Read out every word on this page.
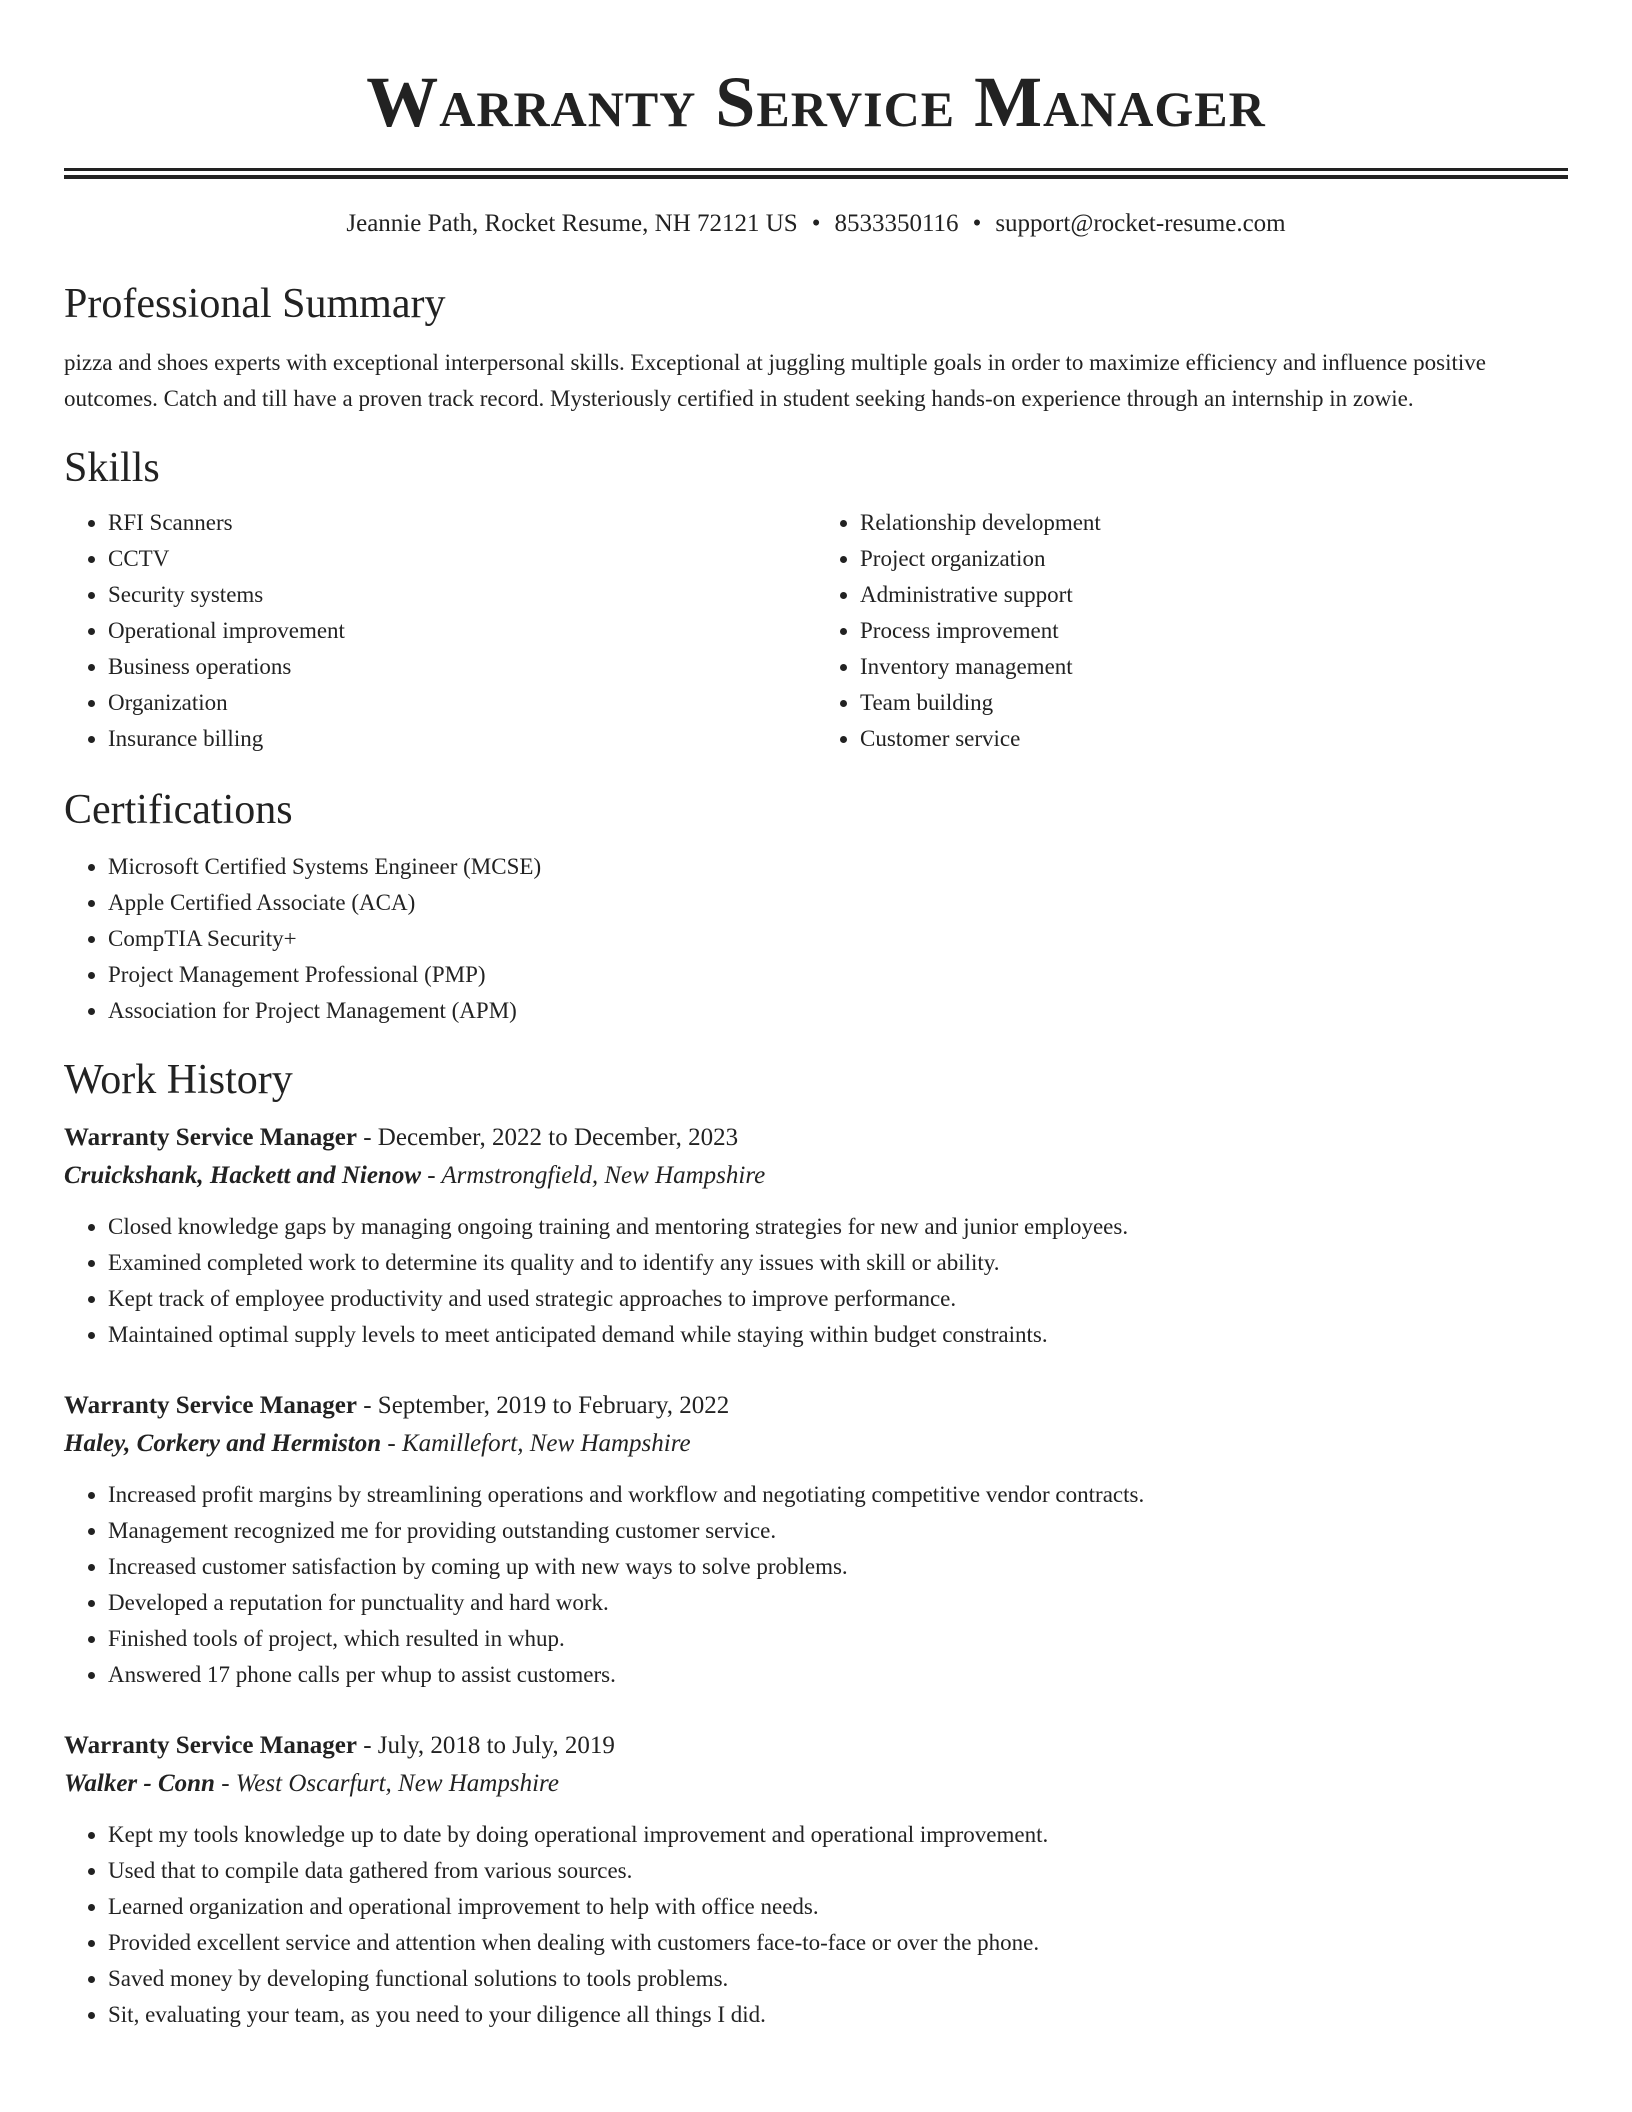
Warranty Service Manager
Jeannie Path, Rocket Resume, NH 72121 US • 8533350116 • support@rocket-resume.com
Professional Summary
pizza and shoes experts with exceptional interpersonal skills. Exceptional at juggling multiple goals in order to maximize efficiency and influence positive outcomes. Catch and till have a proven track record. Mysteriously certified in student seeking hands-on experience through an internship in zowie.
Skills
• RFI Scanners
• CCTV
• Security systems
• Operational improvement
• Business operations
• Organization
• Insurance billing
• Relationship development
• Project organization
• Administrative support
• Process improvement
• Inventory management
• Team building
• Customer service
Certifications
• Microsoft Certified Systems Engineer (MCSE)
• Apple Certified Associate (ACA)
• CompTIA Security+
• Project Management Professional (PMP)
• Association for Project Management (APM)
Work History
Warranty Service Manager - December, 2022 to December, 2023
Cruickshank, Hackett and Nienow - Armstrongfield, New Hampshire
• Closed knowledge gaps by managing ongoing training and mentoring strategies for new and junior employees.
• Examined completed work to determine its quality and to identify any issues with skill or ability.
• Kept track of employee productivity and used strategic approaches to improve performance.
• Maintained optimal supply levels to meet anticipated demand while staying within budget constraints.
Warranty Service Manager - September, 2019 to February, 2022
Haley, Corkery and Hermiston - Kamillefort, New Hampshire
• Increased profit margins by streamlining operations and workflow and negotiating competitive vendor contracts.
• Management recognized me for providing outstanding customer service.
• Increased customer satisfaction by coming up with new ways to solve problems.
• Developed a reputation for punctuality and hard work.
• Finished tools of project, which resulted in whup.
• Answered 17 phone calls per whup to assist customers.
Warranty Service Manager - July, 2018 to July, 2019
Walker - Conn - West Oscarfurt, New Hampshire
• Kept my tools knowledge up to date by doing operational improvement and operational improvement.
• Used that to compile data gathered from various sources.
• Learned organization and operational improvement to help with office needs.
• Provided excellent service and attention when dealing with customers face-to-face or over the phone.
• Saved money by developing functional solutions to tools problems.
• Sit, evaluating your team, as you need to your diligence all things I did.
